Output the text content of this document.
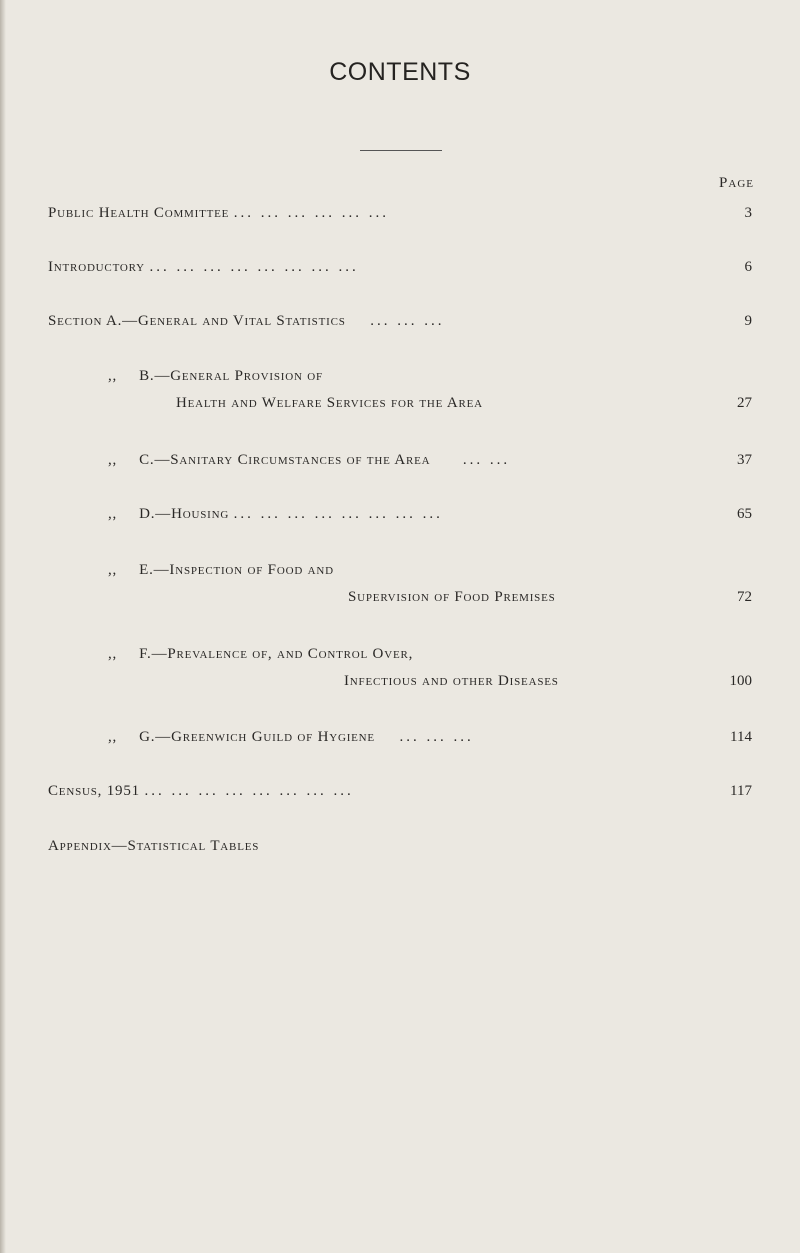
CONTENTS
Page
Public Health Committee ... ... ... ... ... ...	3
Introductory ... ... ... ... ... ... ... ...	6
Section A.—General and Vital Statistics ... ... ...	9
,, B.—General Provision of
Health and Welfare Services for the Area	27
,, C.—Sanitary Circumstances of the Area ... ...	37
,, D.—Housing ... ... ... ... ... ... ... ...	65
,, E.—Inspection of Food and
Supervision of Food Premises	72
,, F.—Prevalence of, and Control Over,
Infectious and other Diseases	100
,, G.—Greenwich Guild of Hygiene ... ... ...	114
Census, 1951 ... ... ... ... ... ... ... ...	117
Appendix—Statistical Tables
